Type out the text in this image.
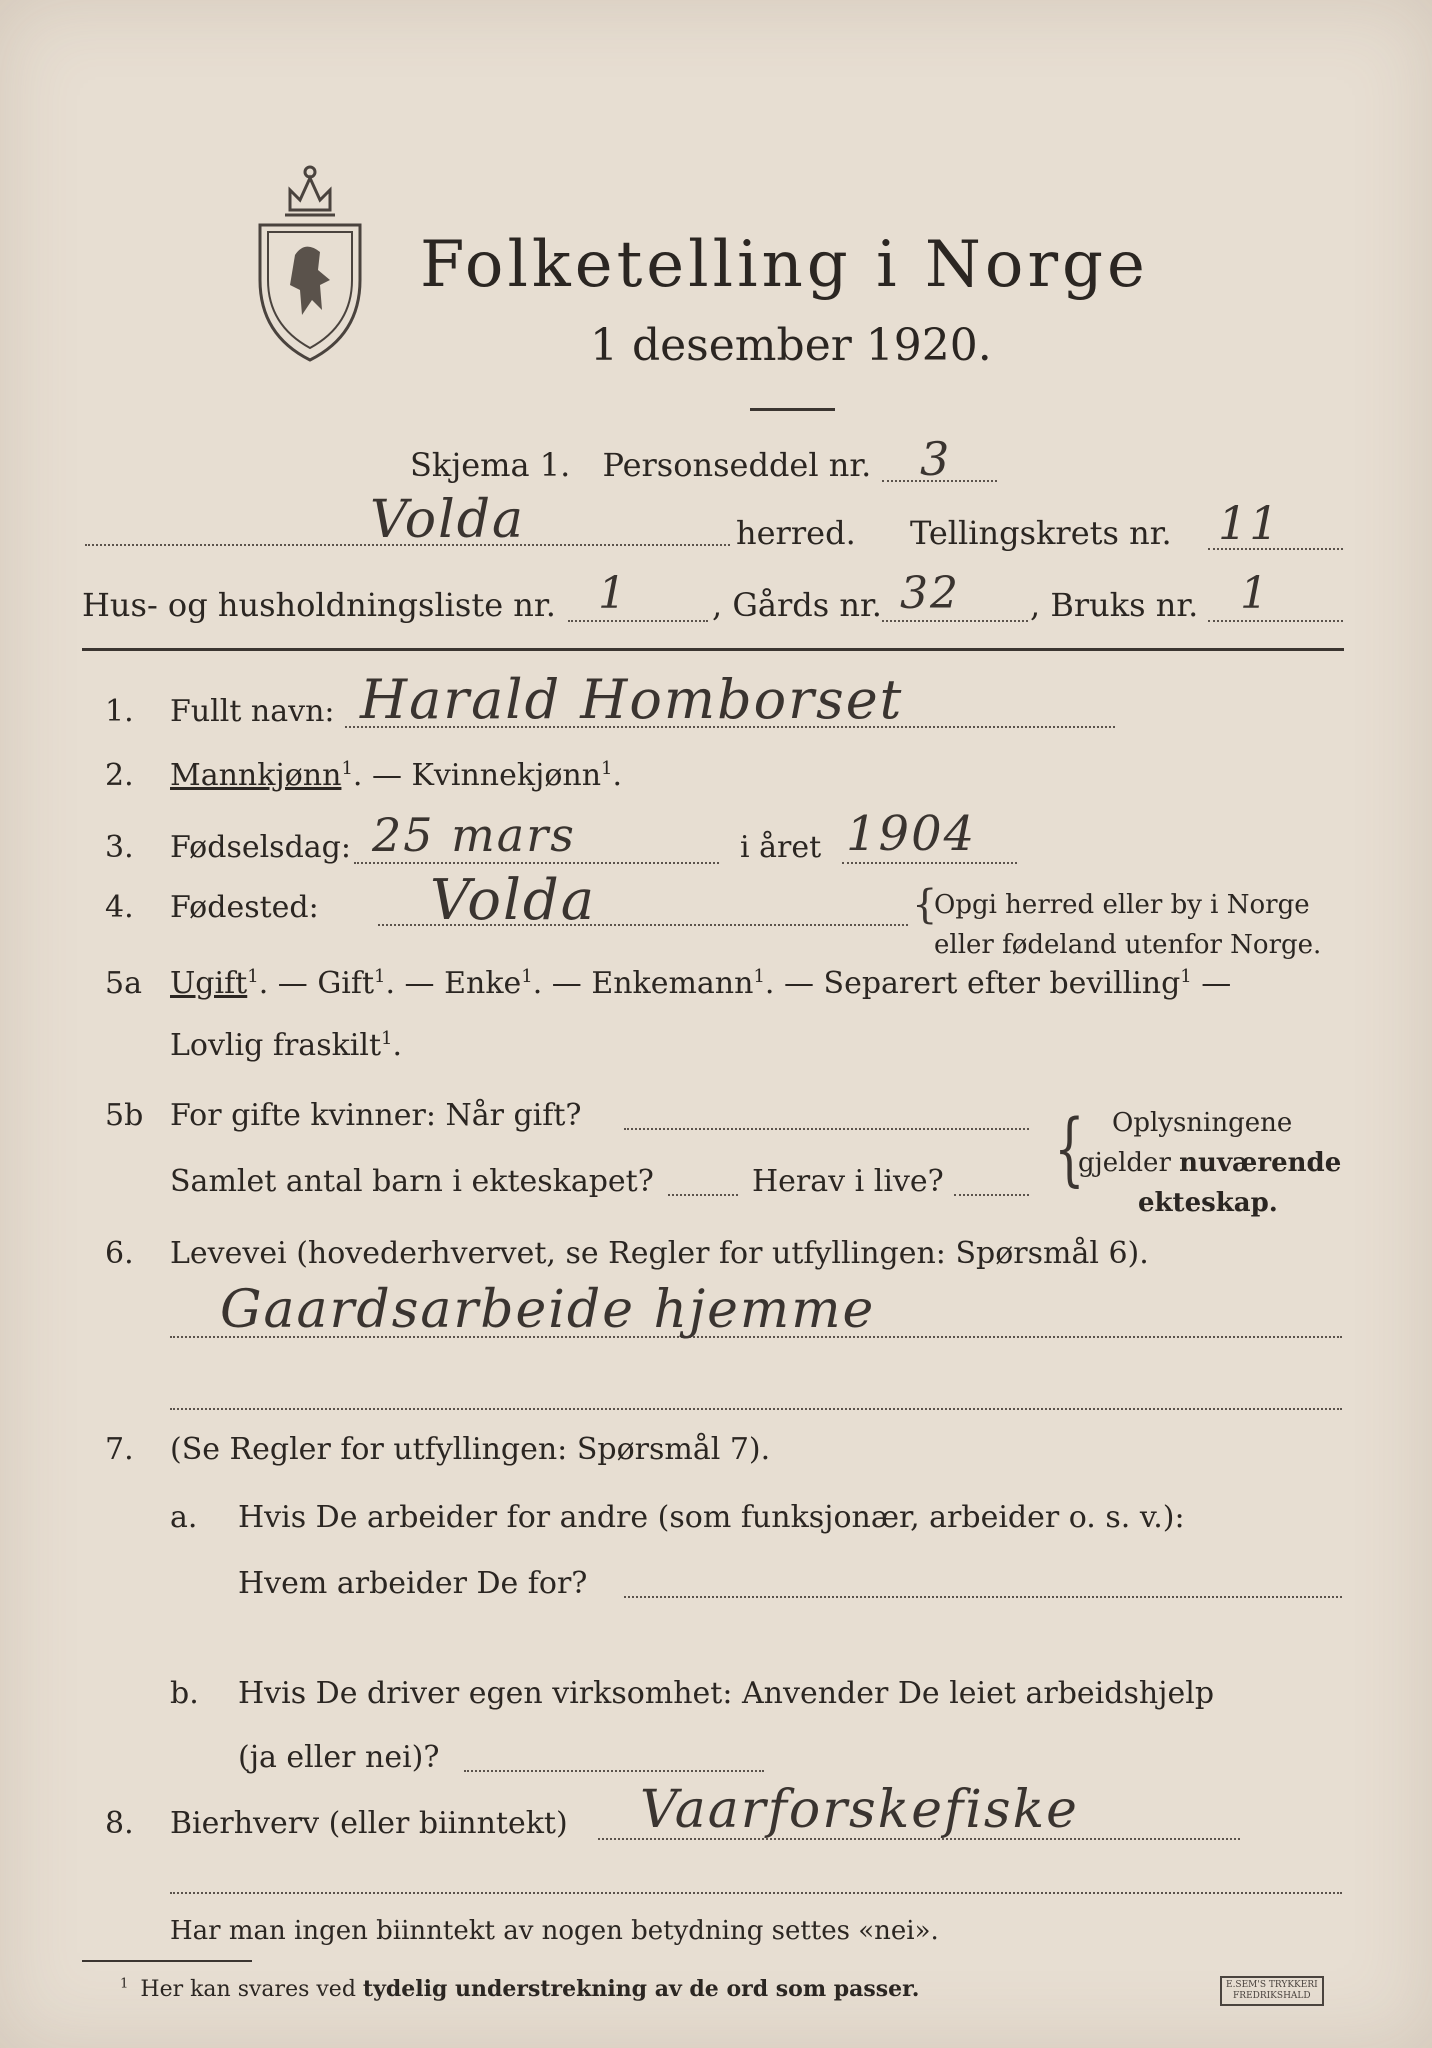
Folketelling i Norge
1 desember 1920.
Skjema 1. Personseddel nr. 3
Volda	herred. Tellingskrets nr. 11
Hus- og husholdningsliste nr. 1	, Gårds nr. 32 , Bruks nr. 1
1. Fullt navn: Harald Homborset
2. Mannkjønn$^1$. — Kvinnekjønn$^1$.
3. Fødselsdag: 25 mars	i året 1904
4. Fødested: Volda	{
Opgi herred eller by i Norge
eller fødeland utenfor Norge.
5a Ugift$^1$. — Gift$^1$. — Enke$^1$. — Enkemann$^1$. — Separert efter bevilling$^1$ —
Lovlig fraskilt$^1$.
5b For gifte kvinner: Når gift?
Samlet antal barn i ekteskapet?	Herav i live? { Oplysningene
gjelder nuværende
ekteskap.
6. Levevei (hovederhvervet, se Regler for utfyllingen: Spørsmål 6).
Gaardsarbeide hjemme
7. (Se Regler for utfyllingen: Spørsmål 7).
a. Hvis De arbeider for andre (som funksjonær, arbeider o. s. v.):
Hvem arbeider De for?
b. Hvis De driver egen virksomhet: Anvender De leiet arbeidshjelp
(ja eller nei)?
8. Bierhverv (eller biinntekt) Vaarforskefiske
Har man ingen biinntekt av nogen betydning settes «nei».
$^1$ Her kan svares ved tydelig understrekning av de ord som passer.	E.SEM'S TRYKKERI
FREDRIKSHALD
